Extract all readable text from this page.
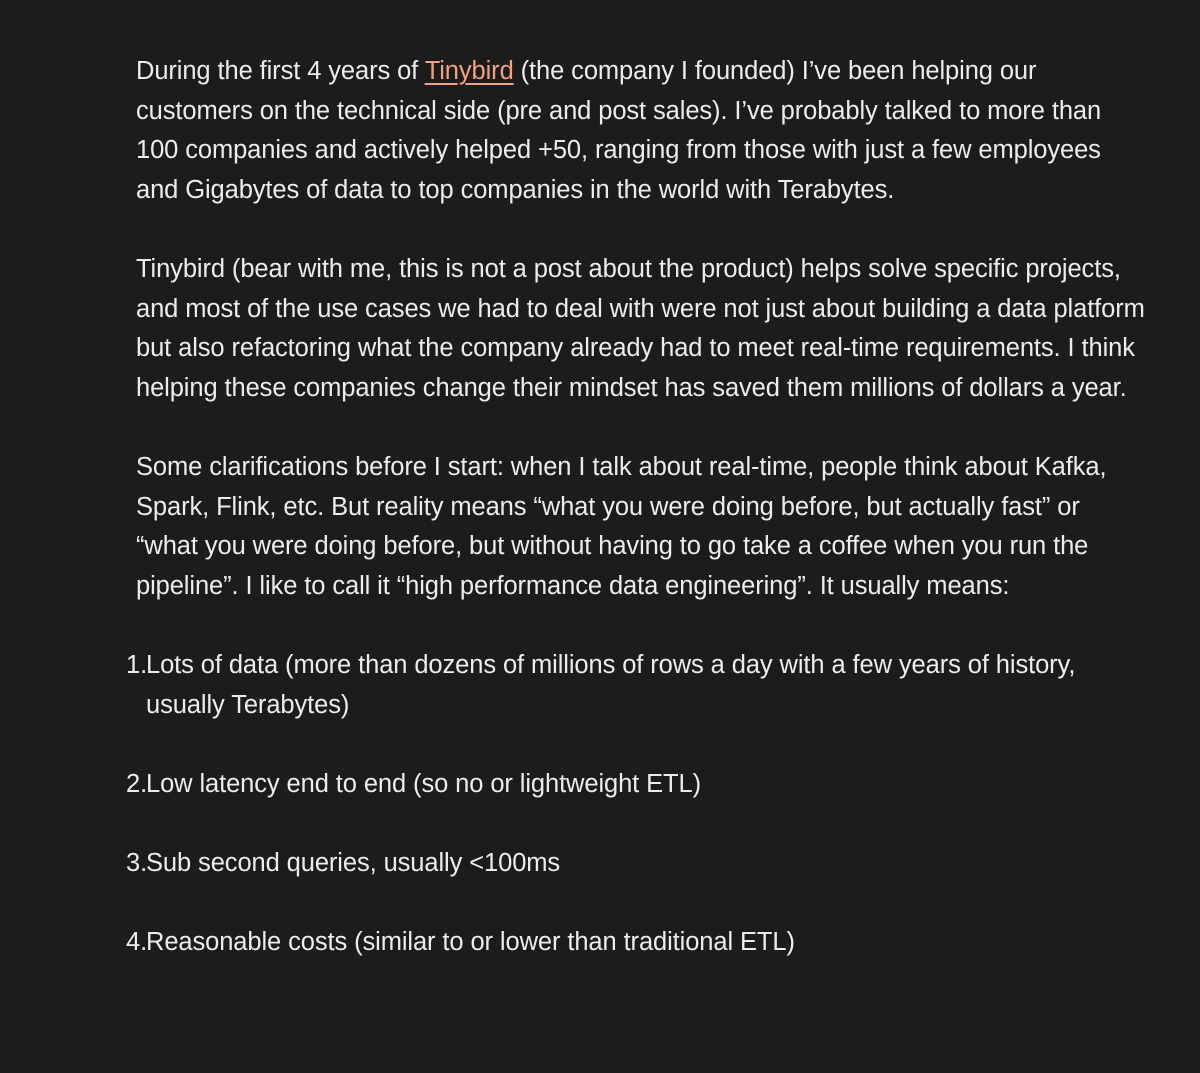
During the first 4 years of Tinybird (the company I founded) I’ve been helping our customers on the technical side (pre and post sales). I’ve probably talked to more than 100 companies and actively helped +50, ranging from those with just a few employees and Gigabytes of data to top companies in the world with Terabytes.

Tinybird (bear with me, this is not a post about the product) helps solve specific projects, and most of the use cases we had to deal with were not just about building a data platform but also refactoring what the company already had to meet real-time requirements. I think helping these companies change their mindset has saved them millions of dollars a year.

Some clarifications before I start: when I talk about real-time, people think about Kafka, Spark, Flink, etc. But reality means “what you were doing before, but actually fast” or “what you were doing before, but without having to go take a coffee when you run the pipeline”. I like to call it “high performance data engineering”. It usually means:

1.
Lots of data (more than dozens of millions of rows a day with a few years of history, usually Terabytes)
2.
Low latency end to end (so no or lightweight ETL)
3.
Sub second queries, usually <100ms
4.
Reasonable costs (similar to or lower than traditional ETL)
